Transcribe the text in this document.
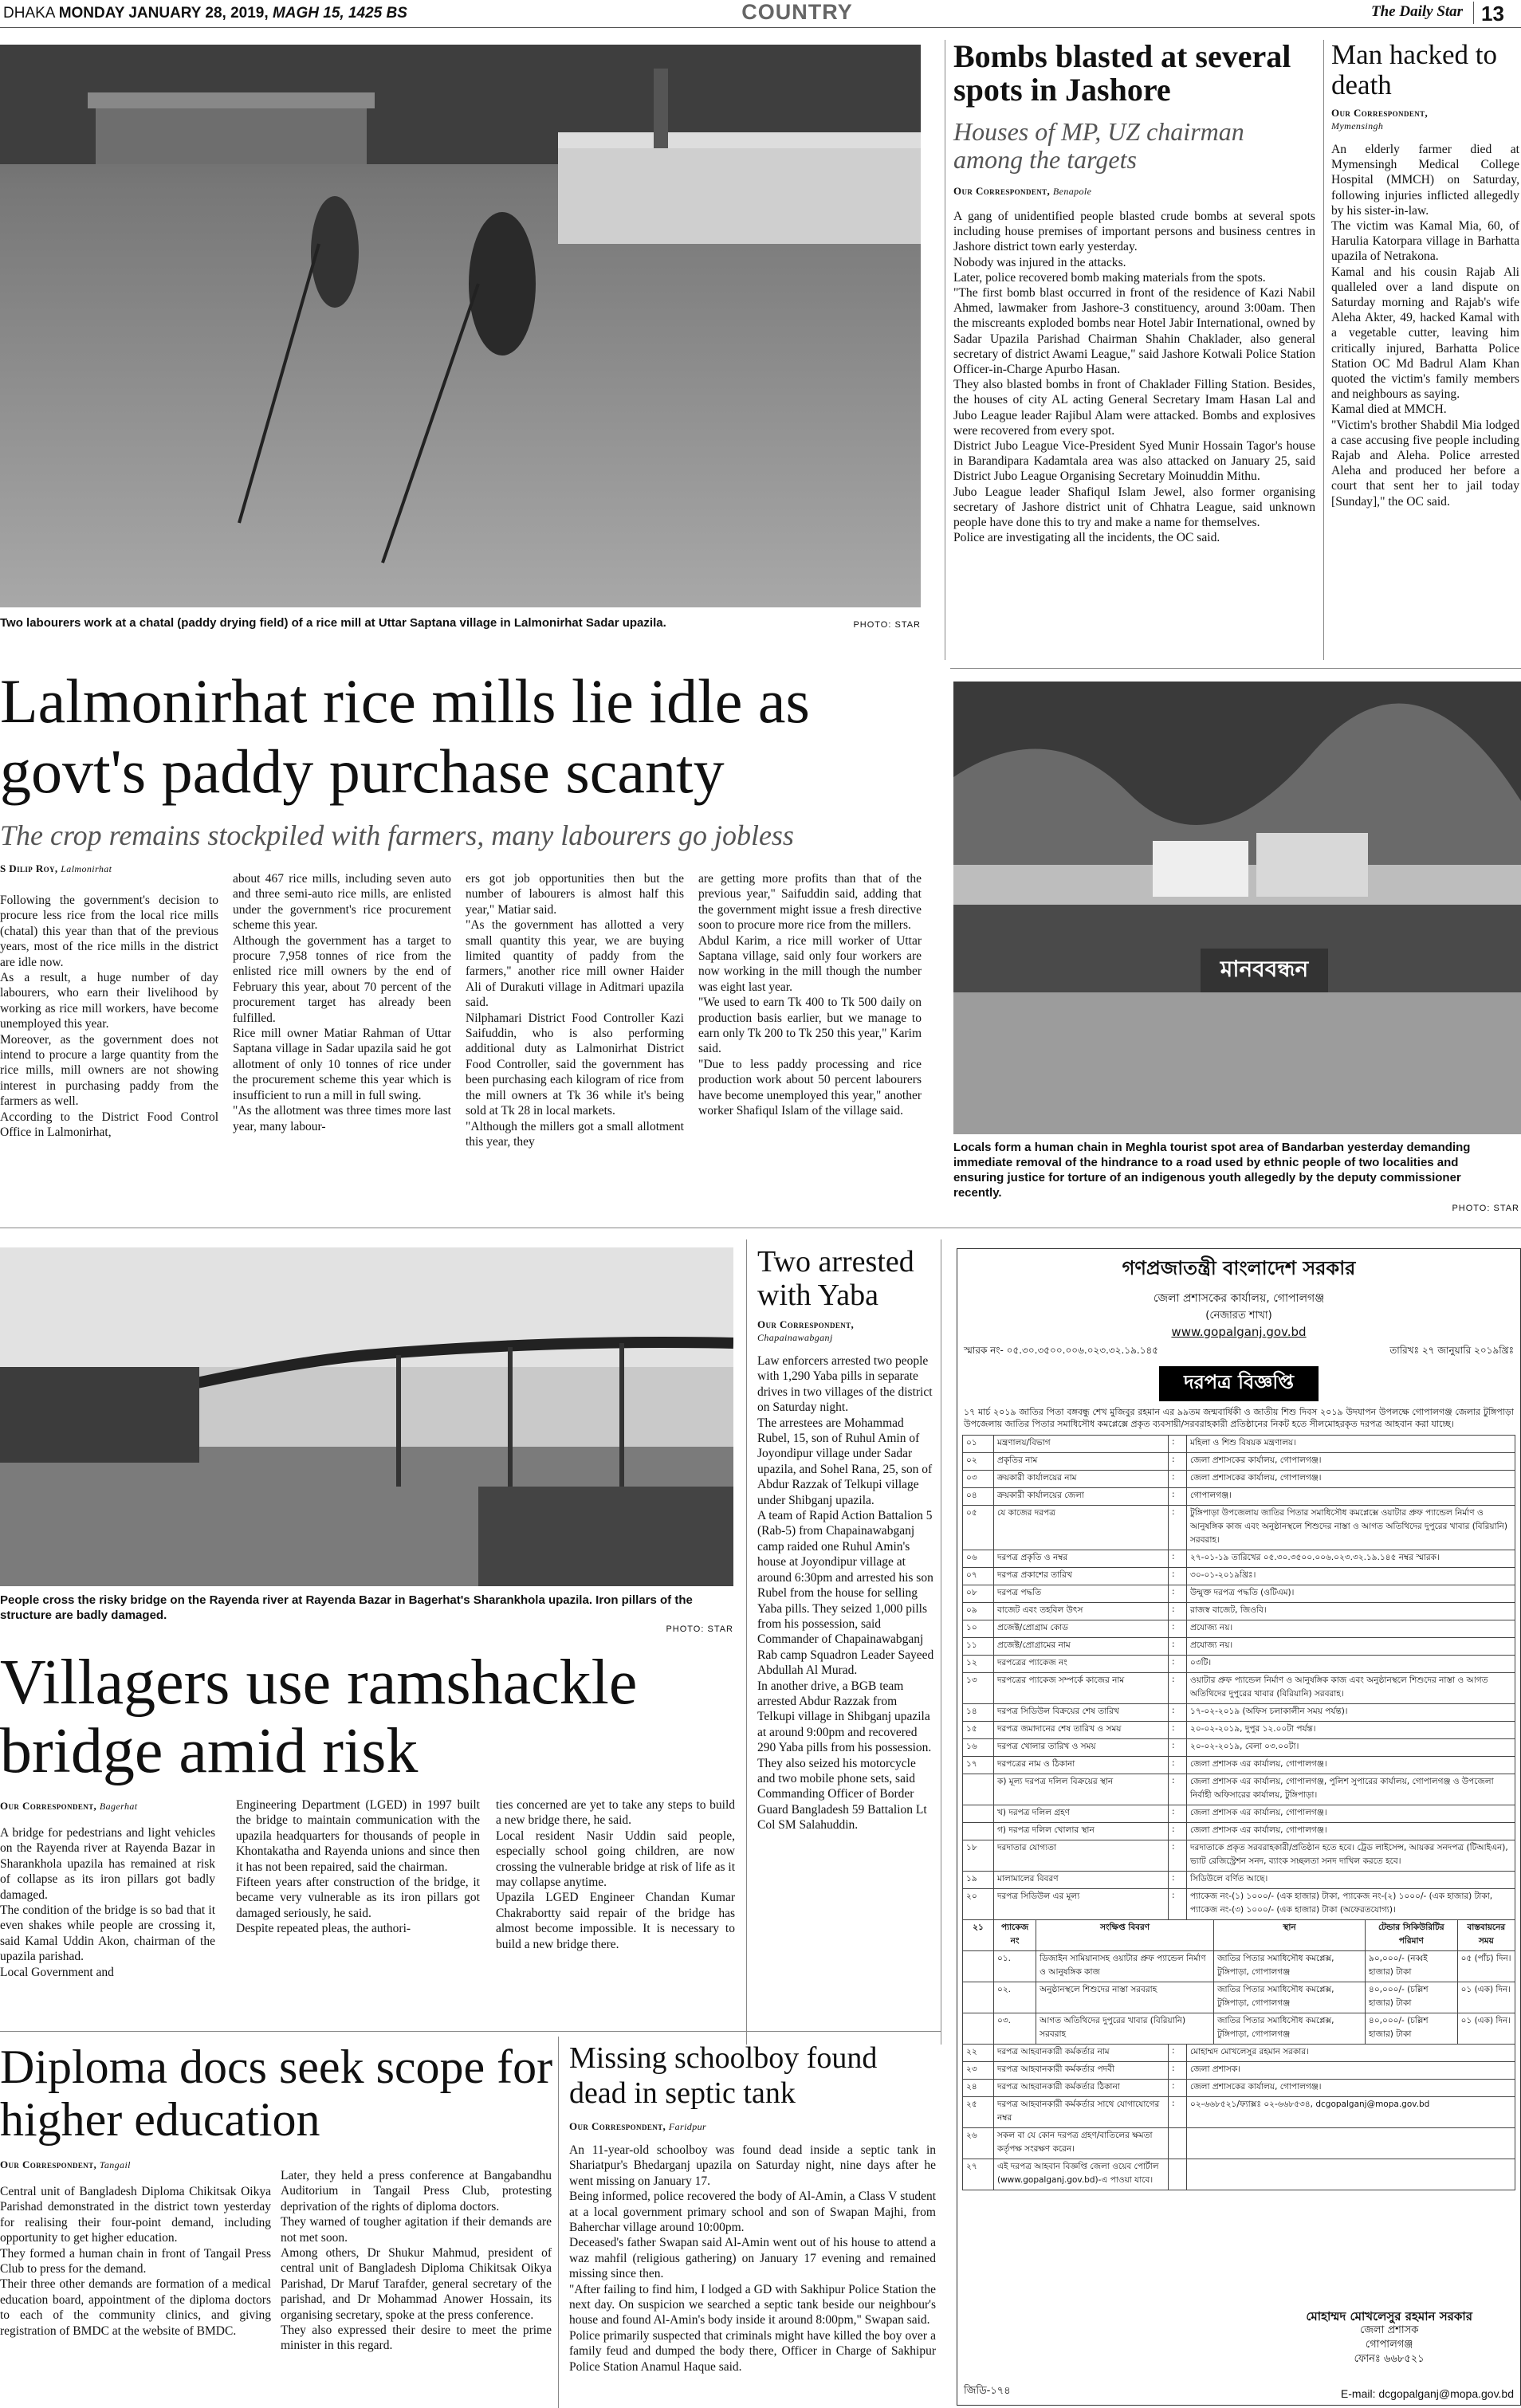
DHAKA MONDAY JANUARY 28, 2019, MAGH 15, 1425 BS	COUNTRY	The Daily Star 13
Two labourers work at a chatal (paddy drying field) of a rice mill at Uttar Saptana village in Lalmonirhat Sadar upazila.	PHOTO: STAR
Bombs blasted at several spots in Jashore
Houses of MP, UZ chairman among the targets
Our Correspondent, Benapole
A gang of unidentified people blasted crude bombs at several spots including house premises of important persons and business centres in Jashore district town early yesterday.
Nobody was injured in the attacks.
Later, police recovered bomb making materials from the spots.
"The first bomb blast occurred in front of the residence of Kazi Nabil Ahmed, lawmaker from Jashore-3 constituency, around 3:00am. Then the miscreants exploded bombs near Hotel Jabir International, owned by Sadar Upazila Parishad Chairman Shahin Chaklader, also general secretary of district Awami League," said Jashore Kotwali Police Station Officer-in-Charge Apurbo Hasan.
They also blasted bombs in front of Chaklader Filling Station. Besides, the houses of city AL acting General Secretary Imam Hasan Lal and Jubo League leader Rajibul Alam were attacked. Bombs and explosives were recovered from every spot.
District Jubo League Vice-President Syed Munir Hossain Tagor's house in Barandipara Kadamtala area was also attacked on January 25, said District Jubo League Organising Secretary Moinuddin Mithu.
Jubo League leader Shafiqul Islam Jewel, also former organising secretary of Jashore district unit of Chhatra League, said unknown people have done this to try and make a name for themselves.
Police are investigating all the incidents, the OC said.
Man hacked to death
Our Correspondent,
Mymensingh
An elderly farmer died at Mymensingh Medical College Hospital (MMCH) on Saturday, following injuries inflicted allegedly by his sister-in-law.
The victim was Kamal Mia, 60, of Harulia Katorpara village in Barhatta upazila of Netrakona.
Kamal and his cousin Rajab Ali qualleled over a land dispute on Saturday morning and Rajab's wife Aleha Akter, 49, hacked Kamal with a vegetable cutter, leaving him critically injured, Barhatta Police Station OC Md Badrul Alam Khan quoted the victim's family members and neighbours as saying.
Kamal died at MMCH.
"Victim's brother Shabdil Mia lodged a case accusing five people including Rajab and Aleha. Police arrested Aleha and produced her before a court that sent her to jail today [Sunday]," the OC said.
Lalmonirhat rice mills lie idle as govt's paddy purchase scanty
The crop remains stockpiled with farmers, many labourers go jobless
S Dilip Roy, Lalmonirhat
Following the government's decision to procure less rice from the local rice mills (chatal) this year than that of the previous years, most of the rice mills in the district are idle now.
As a result, a huge number of day labourers, who earn their livelihood by working as rice mill workers, have become unemployed this year.
Moreover, as the government does not intend to procure a large quantity from the rice mills, mill owners are not showing interest in purchasing paddy from the farmers as well.
According to the District Food Control Office in Lalmonirhat,
about 467 rice mills, including seven auto and three semi-auto rice mills, are enlisted under the government's rice procurement scheme this year.
Although the government has a target to procure 7,958 tonnes of rice from the enlisted rice mill owners by the end of February this year, about 70 percent of the procurement target has already been fulfilled.
Rice mill owner Matiar Rahman of Uttar Saptana village in Sadar upazila said he got allotment of only 10 tonnes of rice under the procurement scheme this year which is insufficient to run a mill in full swing.
"As the allotment was three times more last year, many labour-
ers got job opportunities then but the number of labourers is almost half this year," Matiar said.
"As the government has allotted a very small quantity this year, we are buying limited quantity of paddy from the farmers," another rice mill owner Haider Ali of Durakuti village in Aditmari upazila said.
Nilphamari District Food Controller Kazi Saifuddin, who is also performing additional duty as Lalmonirhat District Food Controller, said the government has been purchasing each kilogram of rice from the mill owners at Tk 36 while it's being sold at Tk 28 in local markets.
"Although the millers got a small allotment this year, they
are getting more profits than that of the previous year," Saifuddin said, adding that the government might issue a fresh directive soon to procure more rice from the millers.
Abdul Karim, a rice mill worker of Uttar Saptana village, said only four workers are now working in the mill though the number was eight last year.
"We used to earn Tk 400 to Tk 500 daily on production basis earlier, but we manage to earn only Tk 200 to Tk 250 this year," Karim said.
"Due to less paddy processing and rice production work about 50 percent labourers have become unemployed this year," another worker Shafiqul Islam of the village said.
মানববন্ধন
Locals form a human chain in Meghla tourist spot area of Bandarban yesterday demanding immediate removal of the hindrance to a road used by ethnic people of two localities and ensuring justice for torture of an indigenous youth allegedly by the deputy commissioner recently.
PHOTO: STAR
People cross the risky bridge on the Rayenda river at Rayenda Bazar in Bagerhat's Sharankhola upazila. Iron pillars of the structure are badly damaged.
PHOTO: STAR
Villagers use ramshackle bridge amid risk
Our Correspondent, Bagerhat
A bridge for pedestrians and light vehicles on the Rayenda river at Rayenda Bazar in Sharankhola upazila has remained at risk of collapse as its iron pillars got badly damaged.
The condition of the bridge is so bad that it even shakes while people are crossing it, said Kamal Uddin Akon, chairman of the upazila parishad.
Local Government and
Engineering Department (LGED) in 1997 built the bridge to maintain communication with the upazila headquarters for thousands of people in Khontakatha and Rayenda unions and since then it has not been repaired, said the chairman.
Fifteen years after construction of the bridge, it became very vulnerable as its iron pillars got damaged seriously, he said.
Despite repeated pleas, the authori-
ties concerned are yet to take any steps to build a new bridge there, he said.
Local resident Nasir Uddin said people, especially school going children, are now crossing the vulnerable bridge at risk of life as it may collapse anytime.
Upazila LGED Engineer Chandan Kumar Chakrabortty said repair of the bridge has almost become impossible. It is necessary to build a new bridge there.
Two arrested with Yaba
Our Correspondent,
Chapainawabganj
Law enforcers arrested two people with 1,290 Yaba pills in separate drives in two villages of the district on Saturday night.
The arrestees are Mohammad Rubel, 15, son of Ruhul Amin of Joyondipur village under Sadar upazila, and Sohel Rana, 25, son of Abdur Razzak of Telkupi village under Shibganj upazila.
A team of Rapid Action Battalion 5 (Rab-5) from Chapainawabganj camp raided one Ruhul Amin's house at Joyondipur village at around 6:30pm and arrested his son Rubel from the house for selling Yaba pills. They seized 1,000 pills from his possession, said Commander of Chapainawabganj Rab camp Squadron Leader Sayeed Abdullah Al Murad.
In another drive, a BGB team arrested Abdur Razzak from Telkupi village in Shibganj upazila at around 9:00pm and recovered 290 Yaba pills from his possession. They also seized his motorcycle and two mobile phone sets, said Commanding Officer of Border Guard Bangladesh 59 Battalion Lt Col SM Salahuddin.
Diploma docs seek scope for higher education
Our Correspondent, Tangail
Central unit of Bangladesh Diploma Chikitsak Oikya Parishad demonstrated in the district town yesterday for realising their four-point demand, including opportunity to get higher education.
They formed a human chain in front of Tangail Press Club to press for the demand.
Their three other demands are formation of a medical education board, appointment of the diploma doctors to each of the community clinics, and giving registration of BMDC at the website of BMDC.
Later, they held a press conference at Bangabandhu Auditorium in Tangail Press Club, protesting deprivation of the rights of diploma doctors.
They warned of tougher agitation if their demands are not met soon.
Among others, Dr Shukur Mahmud, president of central unit of Bangladesh Diploma Chikitsak Oikya Parishad, Dr Maruf Tarafder, general secretary of the parishad, and Dr Mohammad Anower Hossain, its organising secretary, spoke at the press conference.
They also expressed their desire to meet the prime minister in this regard.
Missing schoolboy found dead in septic tank
Our Correspondent, Faridpur
An 11-year-old schoolboy was found dead inside a septic tank in Shariatpur's Bhedarganj upazila on Saturday night, nine days after he went missing on January 17.
Being informed, police recovered the body of Al-Amin, a Class V student at a local government primary school and son of Swapan Majhi, from Baherchar village around 10:00pm.
Deceased's father Swapan said Al-Amin went out of his house to attend a waz mahfil (religious gathering) on January 17 evening and remained missing since then.
"After failing to find him, I lodged a GD with Sakhipur Police Station the next day. On suspicion we searched a septic tank beside our neighbour's house and found Al-Amin's body inside it around 8:00pm," Swapan said.
Police primarily suspected that criminals might have killed the boy over a family feud and dumped the body there, Officer in Charge of Sakhipur Police Station Anamul Haque said.
গণপ্রজাতন্ত্রী বাংলাদেশ সরকার
জেলা প্রশাসকের কার্যালয়, গোপালগঞ্জ
(নেজারত শাখা)
www.gopalganj.gov.bd
স্মারক নং- ০৫.৩০.৩৫০০.০০৬.০২৩.৩২.১৯.১৪৫	তারিখঃ ২৭ জানুয়ারি ২০১৯খ্রিঃ
দরপত্র বিজ্ঞপ্তি
১৭ মার্চ ২০১৯ জাতির পিতা বঙ্গবন্ধু শেখ মুজিবুর রহমান এর ৯৯তম জন্মবার্ষিকী ও জাতীয় শিশু দিবস ২০১৯ উদযাপন উপলক্ষে গোপালগঞ্জ জেলার টুঙ্গিপাড়া উপজেলায় জাতির পিতার সমাধিসৌধ কমপ্লেক্সে প্রকৃত ব্যবসায়ী/সরবরাহকারী প্রতিষ্ঠানের নিকট হতে সীলমোহরকৃত দরপত্র আহবান করা যাচ্ছে।
০১	মন্ত্রণালয়/বিভাগ	:	মহিলা ও শিশু বিষয়ক মন্ত্রণালয়।
০২	প্রকৃতির নাম	:	জেলা প্রশাসকের কার্যালয়, গোপালগঞ্জ।
০৩	ক্রয়কারী কার্যালয়ের নাম	:	জেলা প্রশাসকের কার্যালয়, গোপালগঞ্জ।
০৪	ক্রয়কারী কার্যালয়ের জেলা	:	গোপালগঞ্জ।
০৫	যে কাজের দরপত্র	:	টুঙ্গিপাড়া উপজেলায় জাতির পিতার সমাধিসৌধ কমপ্লেক্সে ওয়াটার প্রুফ প্যান্ডেল নির্মাণ ও আনুষঙ্গিক কাজ এবং অনুষ্ঠানস্থলে শিশুদের নাস্তা ও আগত অতিথিদের দুপুরের খাবার (বিরিয়ানি) সরবরাহ।
০৬	দরপত্র প্রকৃতি ও নম্বর	:	২৭-০১-১৯ তারিখের ০৫.৩০.৩৫০০.০০৬.০২৩.৩২.১৯.১৪৫ নম্বর স্মারক।
০৭	দরপত্র প্রকাশের তারিখ	:	৩০-০১-২০১৯খ্রিঃ।
০৮	দরপত্র পদ্ধতি	:	উন্মুক্ত দরপত্র পদ্ধতি (ওটিএম)।
০৯	বাজেট এবং তহবিল উৎস	:	রাজস্ব বাজেট, জিওবি।
১০	প্রজেক্ট/প্রোগ্রাম কোড	:	প্রযোজ্য নয়।
১১	প্রজেক্ট/প্রোগ্রামের নাম	:	প্রযোজ্য নয়।
১২	দরপত্রের প্যাকেজ নং	:	০৩টি।
১৩	দরপত্রের প্যাকেজ সম্পর্কে কাজের নাম	:	ওয়াটার প্রুফ প্যান্ডেল নির্মাণ ও আনুষঙ্গিক কাজ এবং অনুষ্ঠানস্থলে শিশুদের নাস্তা ও আগত অতিথিদের দুপুরের খাবার (বিরিয়ানি) সরবরাহ।
১৪	দরপত্র সিডিউল বিক্রয়ের শেষ তারিখ	:	১৭-০২-২০১৯ (অফিস চলাকালীন সময় পর্যন্ত)।
১৫	দরপত্র জমাদানের শেষ তারিখ ও সময়	:	২০-০২-২০১৯, দুপুর ১২.০০টা পর্যন্ত।
১৬	দরপত্র খোলার তারিখ ও সময়	:	২০-০২-২০১৯, বেলা ০৩.০০টা।
১৭	দরপত্রের নাম ও ঠিকানা	:	জেলা প্রশাসক এর কার্যালয়, গোপালগঞ্জ।
	ক) মূল্য দরপত্র দলিল বিক্রয়ের স্থান	:	জেলা প্রশাসক এর কার্যালয়, গোপালগঞ্জ, পুলিশ সুপারের কার্যালয়, গোপালগঞ্জ ও উপজেলা নির্বাহী অফিসারের কার্যালয়, টুঙ্গিপাড়া।
	খ) দরপত্র দলিল গ্রহণ	:	জেলা প্রশাসক এর কার্যালয়, গোপালগঞ্জ।
	গ) দরপত্র দলিল খোলার স্থান	:	জেলা প্রশাসক এর কার্যালয়, গোপালগঞ্জ।
১৮	দরদাতার যোগ্যতা	:	দরদাতাকে প্রকৃত সরবরাহকারী/প্রতিষ্ঠান হতে হবে। ট্রেড লাইসেন্স, আয়কর সনদপত্র (টিআইএন), ভ্যাট রেজিস্ট্রেশন সনদ, ব্যাংক সচ্ছলতা সনদ দাখিল করতে হবে।
১৯	মালামালের বিবরণ	:	সিডিউলে বর্ণিত আছে।
২০	দরপত্র সিডিউল এর মূল্য	:	প্যাকেজ নং-(১) ১০০০/- (এক হাজার) টাকা, প্যাকেজ নং-(২) ১০০০/- (এক হাজার) টাকা, প্যাকেজ নং-(৩) ১০০০/- (এক হাজার) টাকা (অফেরতযোগ্য)।
২১	প্যাকেজ নং	সংক্ষিপ্ত বিবরণ	স্থান	টেন্ডার সিকিউরিটির পরিমাণ	বাস্তবায়নের সময়
	০১.	ডিজাইন সামিয়ানাসহ ওয়াটার প্রুফ প্যান্ডেল নির্মাণ ও আনুষঙ্গিক কাজ	জাতির পিতার সমাধিসৌধ কমপ্লেক্স, টুঙ্গিপাড়া, গোপালগঞ্জ	৯০,০০০/- (নব্বই হাজার) টাকা	০৫ (পাঁচ) দিন।
	০২.	অনুষ্ঠানস্থলে শিশুদের নাস্তা সরবরাহ	জাতির পিতার সমাধিসৌধ কমপ্লেক্স, টুঙ্গিপাড়া, গোপালগঞ্জ	৪০,০০০/- (চল্লিশ হাজার) টাকা	০১ (এক) দিন।
	০৩.	আগত অতিথিদের দুপুরের খাবার (বিরিয়ানি) সরবরাহ	জাতির পিতার সমাধিসৌধ কমপ্লেক্স, টুঙ্গিপাড়া, গোপালগঞ্জ	৪০,০০০/- (চল্লিশ হাজার) টাকা	০১ (এক) দিন।
২২	দরপত্র আহবানকারী কর্মকর্তার নাম	:	মোহাম্মদ মোখলেসুর রহমান সরকার।
২৩	দরপত্র আহবানকারী কর্মকর্তার পদবী	:	জেলা প্রশাসক।
২৪	দরপত্র আহবানকারী কর্মকর্তার ঠিকানা	:	জেলা প্রশাসকের কার্যালয়, গোপালগঞ্জ।
২৫	দরপত্র আহবানকারী কর্মকর্তার সাথে যোগাযোগের নম্বর	:	০২-৬৬৮৫২১/ফ্যাক্সঃ ০২-৬৬৮৫৩৪, dcgopalganj@mopa.gov.bd
২৬	সকল বা যে কোন দরপত্র গ্রহণ/বাতিলের ক্ষমতা কর্তৃপক্ষ সংরক্ষণ করেন।		
২৭	এই দরপত্র আহবান বিজ্ঞপ্তি জেলা ওয়েব পোর্টাল (www.gopalganj.gov.bd)-এ পাওয়া যাবে।		
মোহাম্মদ মোখলেসুর রহমান সরকার
জেলা প্রশাসক
গোপালগঞ্জ
ফোনঃ ৬৬৮৫২১
জিডি-১৭৪	E-mail: dcgopalganj@mopa.gov.bd
